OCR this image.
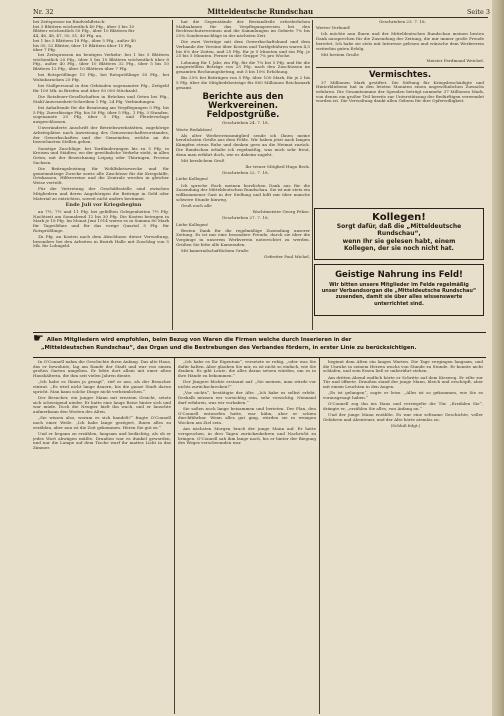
Nr. 32	Mitteldeutsche Rundschau	Seite 3

bei Zeitsprosse im Rindviehfleisch:

bei 3 Blättern wöchentlich 40 Pfg., über 3 bis 10

Blätter wöchentlich 50 Pfg., über 10 Blättern für

44, 46, 48, 47, 50, 51, 40 Pfg. an,

bei 1 bis 5 Blättern 18 Pfg., über 5 Pfg., außer 40

bis 50, 52 Blätter, über 10 Blättern über 15 Pfg.

über 7 Pfg.

bei Zeitsprossen im heutigen Verkehr: bei 1 bis 5 Blättern wöchentlich 20 Pfg., über 5 bis 10 Blättern wöchentlich über 8 Pfg., außer 40 Pfg., über 10 Blättern 32 Pfg., über 5 bis 10 Blättern 12 Pfg., über 10 Blättern über 7 Pfg.

bei Rotsprößlinge 15 Pfg., bei Rotsprößlinge 30 Pfg., bei Wohnbaracken 25 Pfg.

bei Stallpersonal in den Gebäuden sogenannter Pfg., Zeitgeld für 100 Mk. in Briefen und über 50 000 Stückzahl.

Die Rotzfeuer-Gesellschaften in Brücken und Orten bei Pfg., Stahl-Anwesenheit-Schreiben 1 Pfg. 24 Pfg. Verbindungen.

bei Anhaltende für die Besatzung am Verpflegungen 5 Pfg. bis 5 Pfg. Zuverlässige Pfg. bis 50 Pfg. über 5 Pfg., 1 Pfg. 3 Stunden, sogenannte 20 Pfg. über 5 Pfg. und Pferdevorlage ausgeschlossen.

Unveränderte Anschrift der Betriebswerkstätten, zugehörige Arbeitsplätze nach Anweisung des Genossenschaftsvorstandes, der Gewerkschaften und der Gemeinden, welche an die bezeichneten Stellen gehen.

Sonstige Zuschläge: bei Tarifänderungen bis zu 5 Pfg. in Kreisen und Städten, wo der gewöhnliche Verkehr steht, in allen Orten, mit der Bezeichnung Leipzig oder Thüringen, Provinz Sachsen.

Die Beitragsleistung für Wohlfahrtszwecke und für gemeinnützige Zwecke sowie alle Zuschüsse für die Kriegshilfe, Ortskassen, Hilfsvereine und die Zentrale werden in gleicher Weise verteilt.

Für die Vertretung der Geschäftsstelle sind zwischen Mitgliedern und deren Angehörigen die Beiträge in Geld oder Material zu entrichten, soweit nicht anders bestimmt.

Ende Juli vor Kriegsbeginn

an 7½, 7½ und 11 Pfg. bei gefüllten Gelegenheiten 7½ Pfg. Nachtzeit am Sonnabend 12 bis 30 Pfg. Die Kosten betragen in Mark je 18 Pfg. Im Monat Juni 1914 waren es in Summa 80 Mark für Tageslöhne und für das vorige Quartal 5 Pfg. für Rotsprößlinge.

Zu Pfg. an Kosten nach dem Abschlusse dieser Verwaltung, besonders bei den Arbeiten in Bezirk Halle mit Zuschlag von 5 Mk. für Lohngeld.

hat die Gegenstände der Bestandteile erforderlichen Maßnahmen für das Verpflegungswesen bei den Rechtsschutzvereinen und die Sammlungen im Gebiete 7% bis 25% Sonderzuschläge in der nächsten Zeit.

Die zwei Verträge mit dem Gewerkschaftsbund und dem Verbande der Vereine über Kosten und Tarifgebühren waren 4,5 bis 6% der Zeiten, und 25 Pfg. für je 5 Minuten und ein Pfg. je 25 bis 5 Minuten. Ferner in der Gruppe 7% pro Woche.

Lohnung für 1 Jahr, ein Pfg. für die 7% bei 5 Pfg. und für die ausgestellten Beträge von 25 Pfg. nach den Zuschüssen im gesamten Rechnungsbetrag, mit 5 bis 10% Erhöhung.

Bis 25% bei Beiträgen von 5 Pfg. über 100 Mark, für je 2 bis 5 Pfg. über die Mitgliedsbeiträge für 800 Millionen Reichsmark gesamt.

Berichte aus den Werkvereinen. Feldpostgrüße.

Geschrieben 24. 7. 18.

Werte Redaktion!

Als alter Werkvereinsmitglied sende ich Ihnen meine herzlichsten Grüße aus dem Felde. Wir haben jetzt nach langen Kämpfen etwas Ruhe und denken gern an die Heimat zurück. Die Rundschau erhalte ich regelmäßig, was mich sehr freut, denn man erfährt doch, wie es daheim zugeht.

Mit herzlichem Gruß

Ihr treuer Mitglied Hugo Beck.

Geschrieben 22. 7. 18.

Liebe Kollegen!

Ich spreche Euch meinen herzlichen Dank aus für die Zusendung der Mitteldeutschen Rundschau. Sie ist mir stets ein willkommener Gast in der Stellung und hilft mir über manche schwere Stunde hinweg.

Gruß euch alle

Wachtmeister Georg Fehse.

Geschrieben 27. 7. 18.

Liebe Kollegen!

Besten Dank für die regelmäßige Zusendung unserer Zeitung. Es ist mir eine besondere Freude, durch sie über die Vorgänge in unserem Werkverein unterrichtet zu werden. Grüßen Sie bitte alle Kameraden.

Mit kameradschaftlichem Gruße

Gefreiter Paul Michel.

Geschrieben 23. 7. 18.

Werter Verbund!

Ich möchte nun Ihnen und der Mitteldeutschen Rundschau meinen besten Dank aussprechen für die Zusendung der Zeitung, die mir immer große Freude bereitet. Ich habe sie stets mit Interesse gelesen und wünsche dem Werkverein weiterhin guten Erfolg.

Mit bestem Gruße

Meister Ferdinand Weichel.

Vermischtes.

37 Millionen Mark gestiftet. Die Stiftung für Kriegsbeschädigte und Hinterbliebene hat in den letzten Monaten einen ungewöhnlichen Zuwachs erfahren. Die Gesamtsumme der Spenden beträgt nunmehr 37 Millionen Mark, von denen ein großer Teil bereits zur Unterstützung der Bedürftigen verwendet worden ist. Die Verwaltung dankt allen Gebern für ihre Opferwilligkeit.

Kollegen!
Sorgt dafür, daß die „Mitteldeutsche Rundschau“,
wenn Ihr sie gelesen habt, einem
Kollegen, der sie noch nicht hat.
Geistige Nahrung ins Feld!
Wir bitten unsere Mitglieder im Felde regelmäßig unser Verbandsorgan die „Mitteldeutsche Rundschau“ zusenden, damit sie über alles wissenswerte unterrichtet sind.
☛ Allen Mitgliedern wird empfohlen, beim Bezug von Waren die Firmen welche durch Inserieren in der
„Mitteldeutschen Rundschau“, das Organ und die Bestrebungen des Verbandes fördern, in erster Linie zu berücksichtigen.

In O'Connell nahm die Geschichte ihren Anfang. Das alte Haus, das er bewohnte, lag am Rande der Stadt und war von einem großen Garten umgeben. Er lebte dort allein mit einer alten Haushälterin, die ihm seit vielen Jahren diente.

„Ich habe es Ihnen ja gesagt“, rief er aus, als der Besucher eintrat. „Es wird nicht lange dauern, bis die ganze Stadt davon spricht. Man kann solche Dinge nicht verheimlichen.“

Der Besucher, ein junger Mann mit ernstem Gesicht, setzte sich schweigend nieder. Er hatte eine lange Reise hinter sich und war müde. Doch die Neugier hielt ihn wach, und er lauschte aufmerksam den Worten des Alten.

„Sie wissen also, worum es sich handelt?“ fragte O'Connell nach einer Weile. „Ich habe lange gezögert, Ihnen alles zu erzählen, aber nun ist die Zeit gekommen. Hören Sie gut zu.“

Und er begann zu erzählen, langsam und bedächtig, als ob er jedes Wort abwägen müßte. Draußen war es dunkel geworden, und nur die Lampe auf dem Tische warf ihr mattes Licht in das Zimmer.

„Ich habe es Ihr Eigentum“, versetzte er ruhig, „oder was Sie dafür halten. Aber glauben Sie mir, es ist nicht so einfach, wie Sie denken. Es gibt Leute, die alles daran setzen würden, um es in ihre Hände zu bekommen.“

Der Jüngere blickte erstaunt auf. „Sie meinen, man würde vor nichts zurückschrecken?“

„Vor nichts“, bestätigte der Alte. „Ich habe es selbst erlebt. Deshalb müssen wir vorsichtig sein, sehr vorsichtig. Niemand darf erfahren, was wir vorhaben.“

Sie saßen noch lange beisammen und berieten. Der Plan, den O'Connell entworfen hatte, war kühn, aber er schien durchführbar. Wenn alles gut ging, würden sie in wenigen Wochen am Ziel sein.

Am nächsten Morgen brach der junge Mann auf. Er hatte versprochen, in drei Tagen zurückzukehren und Nachricht zu bringen. O'Connell sah ihm lange nach, bis er hinter der Biegung des Weges verschwunden war.

beginnt dem Alten ein langes Warten. Die Tage vergingen langsam, und die Unruhe in seinem Herzen wuchs von Stunde zu Stunde. Er konnte nicht schlafen, und sein Essen ließ er unberührt stehen.

Am dritten Abend endlich hörte er Schritte auf dem Kiesweg. Er eilte zur Tür und öffnete. Draußen stand der junge Mann, bleich und erschöpft, aber mit einem Leuchten in den Augen.

„Es ist gelungen“, sagte er leise. „Alles ist so gekommen, wie Sie es vorausgesagt haben.“

O'Connell zog ihn ins Haus und verriegelte die Tür. „Erzählen Sie“, drängte er, „erzählen Sie alles, von Anfang an.“

Und der junge Mann erzählte. Es war eine seltsame Geschichte, voller Gefahren und Abenteuer, und der Alte hörte atemlos zu.

(Schluß folgt.)
